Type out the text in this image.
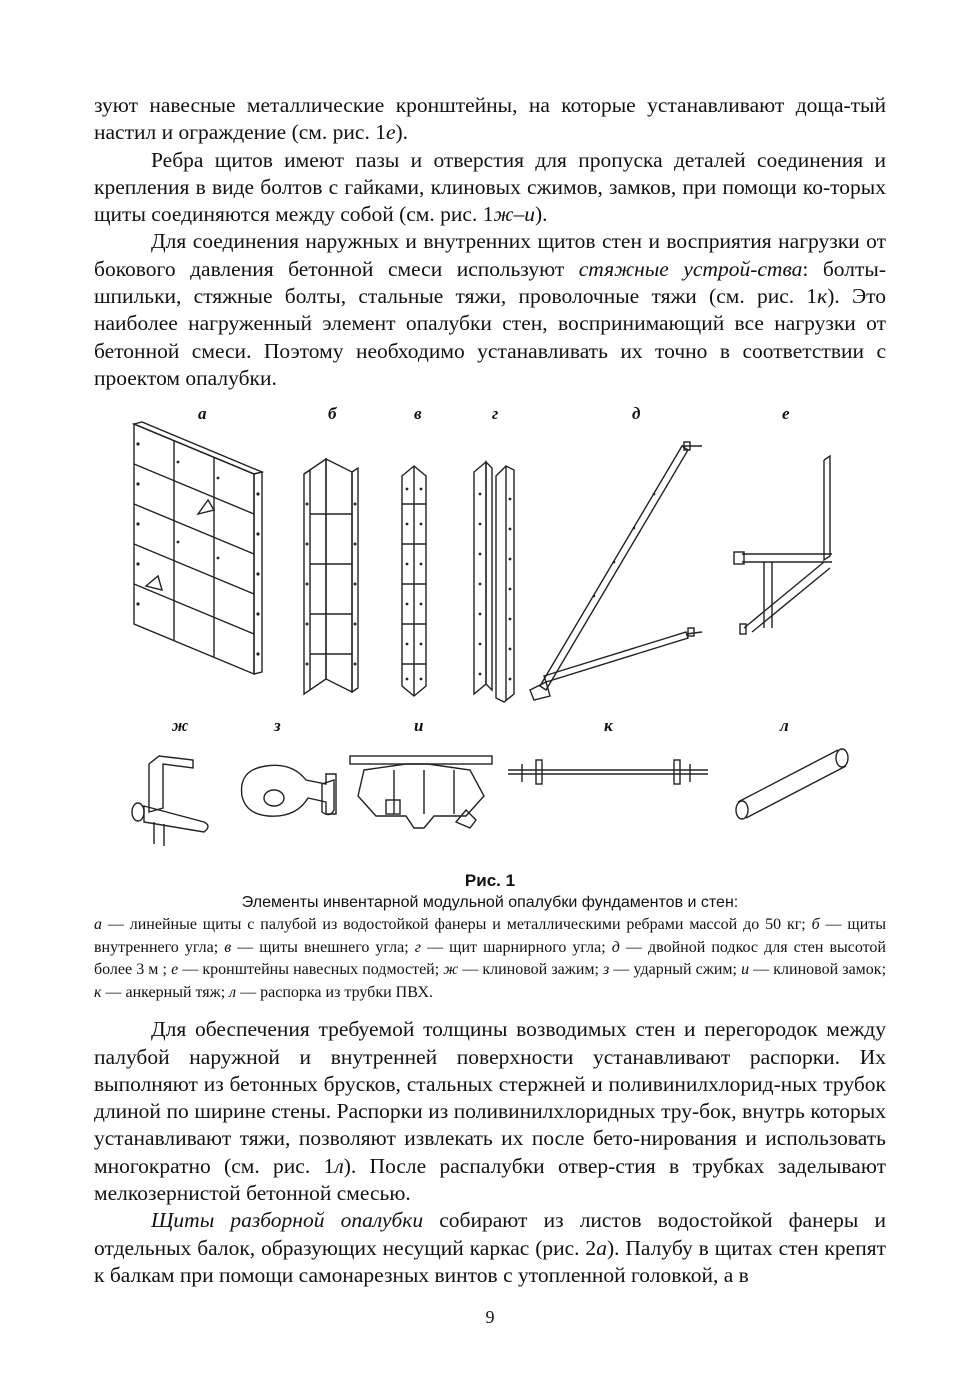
зуют навесные металлические кронштейны, на которые устанавливают доща-тый настил и ограждение (см. рис. 1е).

Ребра щитов имеют пазы и отверстия для пропуска деталей соединения и крепления в виде болтов с гайками, клиновых сжимов, замков, при помощи ко-торых щиты соединяются между собой (см. рис. 1ж–и).

Для соединения наружных и внутренних щитов стен и восприятия нагрузки от бокового давления бетонной смеси используют стяжные устрой-ства: болты-шпильки, стяжные болты, стальные тяжи, проволочные тяжи (см. рис. 1к). Это наиболее нагруженный элемент опалубки стен, воспринимающий все нагрузки от бетонной смеси. Поэтому необходимо устанавливать их точно в соответствии с проектом опалубки.

а	б	в	г	д	е
ж	з	и	к	л
Рис. 1
Элементы инвентарной модульной опалубки фундаментов и стен:
а — линейные щиты с палубой из водостойкой фанеры и металлическими ребрами массой до 50 кг; б — щиты внутреннего угла; в — щиты внешнего угла; г — щит шарнирного угла; д — двойной подкос для стен высотой более 3 м ; е — кронштейны навесных подмостей; ж — клиновой зажим; з — ударный сжим; и — клиновой замок; к — анкерный тяж; л — распорка из трубки ПВХ.

Для обеспечения требуемой толщины возводимых стен и перегородок между палубой наружной и внутренней поверхности устанавливают распорки. Их выполняют из бетонных брусков, стальных стержней и поливинилхлорид-ных трубок длиной по ширине стены. Распорки из поливинилхлоридных тру-бок, внутрь которых устанавливают тяжи, позволяют извлекать их после бето-нирования и использовать многократно (см. рис. 1л). После распалубки отвер-стия в трубках заделывают мелкозернистой бетонной смесью.

Щиты разборной опалубки собирают из листов водостойкой фанеры и отдельных балок, образующих несущий каркас (рис. 2а). Палубу в щитах стен крепят к балкам при помощи самонарезных винтов с утопленной головкой, а в

9
